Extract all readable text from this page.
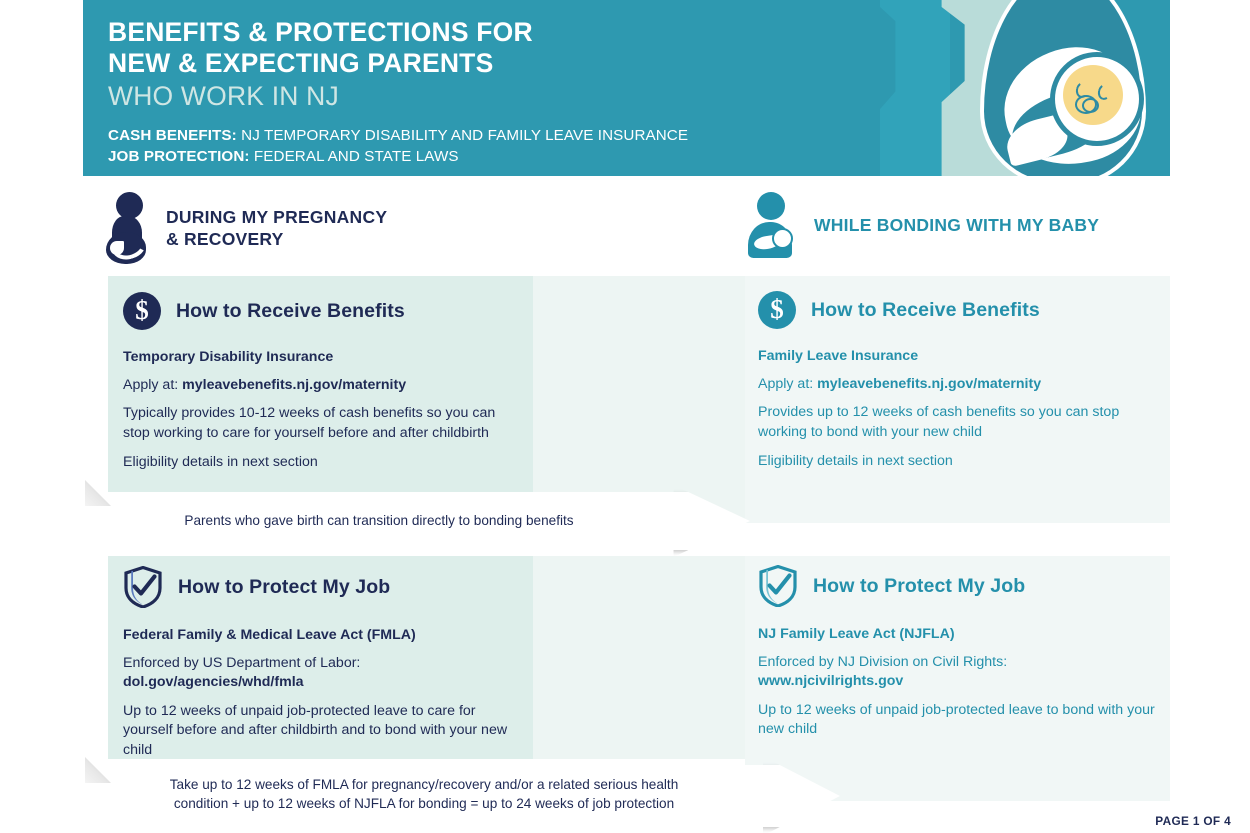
BENEFITS & PROTECTIONS FOR
NEW & EXPECTING PARENTS
WHO WORK IN NJ
CASH BENEFITS: NJ TEMPORARY DISABILITY AND FAMILY LEAVE INSURANCE
JOB PROTECTION: FEDERAL AND STATE LAWS
DURING MY PREGNANCY
& RECOVERY
WHILE BONDING WITH MY BABY
$ How to Receive Benefits
Temporary Disability Insurance
Apply at: myleavebenefits.nj.gov/maternity
Typically provides 10-12 weeks of cash benefits so you can stop working to care for yourself before and after childbirth
Eligibility details in next section
$ How to Receive Benefits
Family Leave Insurance
Apply at: myleavebenefits.nj.gov/maternity
Provides up to 12 weeks of cash benefits so you can stop working to bond with your new child
Eligibility details in next section
Parents who gave birth can transition directly to bonding benefits
How to Protect My Job
Federal Family & Medical Leave Act (FMLA)
Enforced by US Department of Labor:
dol.gov/agencies/whd/fmla
Up to 12 weeks of unpaid job-protected leave to care for yourself before and after childbirth and to bond with your new child
How to Protect My Job
NJ Family Leave Act (NJFLA)
Enforced by NJ Division on Civil Rights:
www.njcivilrights.gov
Up to 12 weeks of unpaid job-protected leave to bond with your new child
Take up to 12 weeks of FMLA for pregnancy/recovery and/or a related serious health
condition + up to 12 weeks of NJFLA for bonding = up to 24 weeks of job protection
PAGE 1 OF 4
